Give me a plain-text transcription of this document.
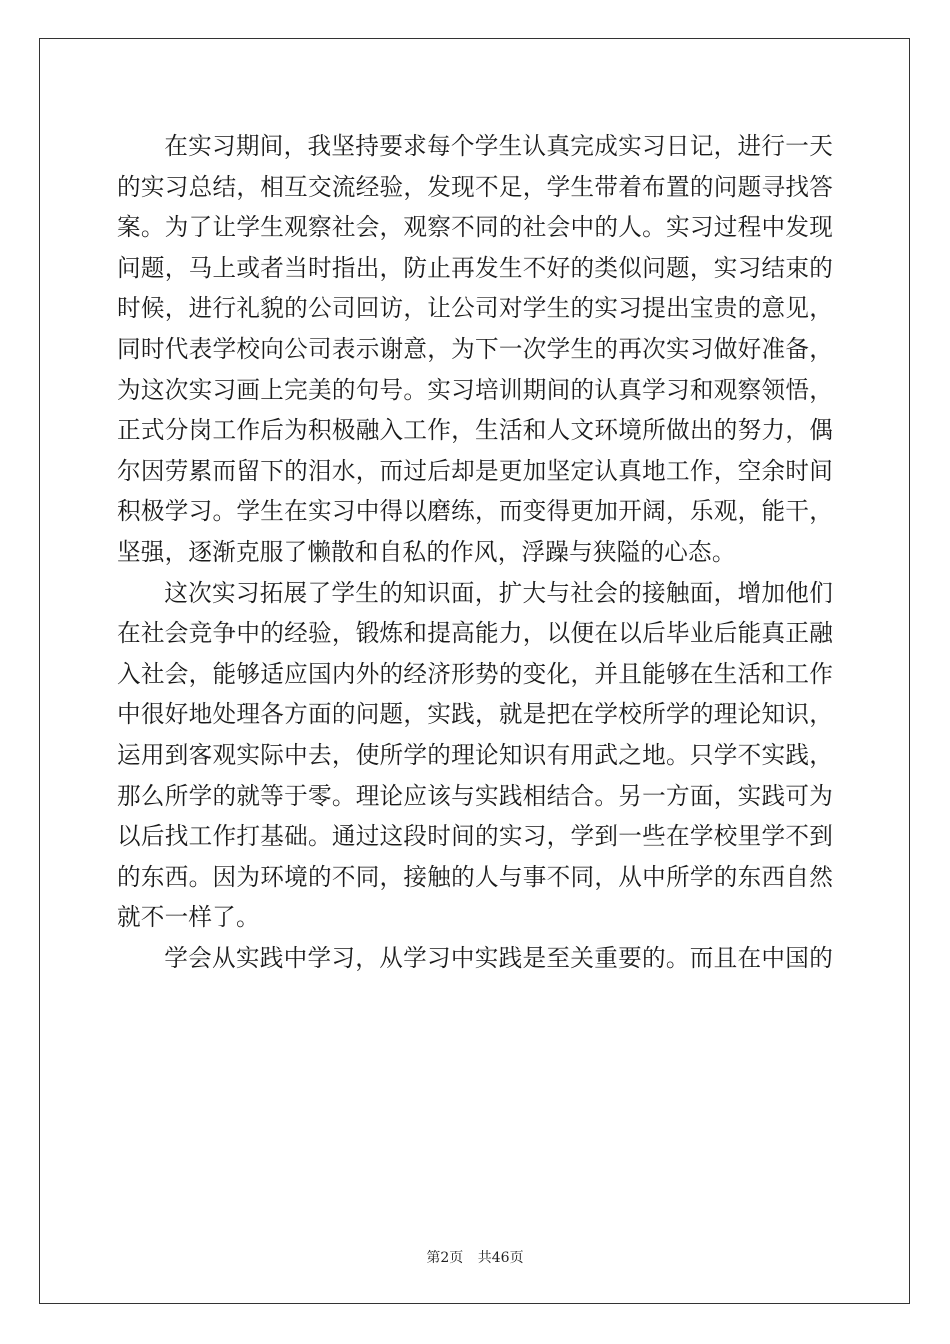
在实习期间，我坚持要求每个学生认真完成实习日记，进行一天的实习总结，相互交流经验，发现不足，学生带着布置的问题寻找答案。为了让学生观察社会，观察不同的社会中的人。实习过程中发现问题，马上或者当时指出，防止再发生不好的类似问题，实习结束的时候，进行礼貌的公司回访，让公司对学生的实习提出宝贵的意见，同时代表学校向公司表示谢意，为下一次学生的再次实习做好准备，为这次实习画上完美的句号。实习培训期间的认真学习和观察领悟，正式分岗工作后为积极融入工作，生活和人文环境所做出的努力，偶尔因劳累而留下的泪水，而过后却是更加坚定认真地工作，空余时间积极学习。学生在实习中得以磨练，而变得更加开阔，乐观，能干，坚强，逐渐克服了懒散和自私的作风，浮躁与狭隘的心态。

这次实习拓展了学生的知识面，扩大与社会的接触面，增加他们在社会竞争中的经验，锻炼和提高能力，以便在以后毕业后能真正融入社会，能够适应国内外的经济形势的变化，并且能够在生活和工作中很好地处理各方面的问题，实践，就是把在学校所学的理论知识，运用到客观实际中去，使所学的理论知识有用武之地。只学不实践，那么所学的就等于零。理论应该与实践相结合。另一方面，实践可为以后找工作打基础。通过这段时间的实习，学到一些在学校里学不到的东西。因为环境的不同，接触的人与事不同，从中所学的东西自然就不一样了。

学会从实践中学习，从学习中实践是至关重要的。而且在中国的

第2页 共46页
